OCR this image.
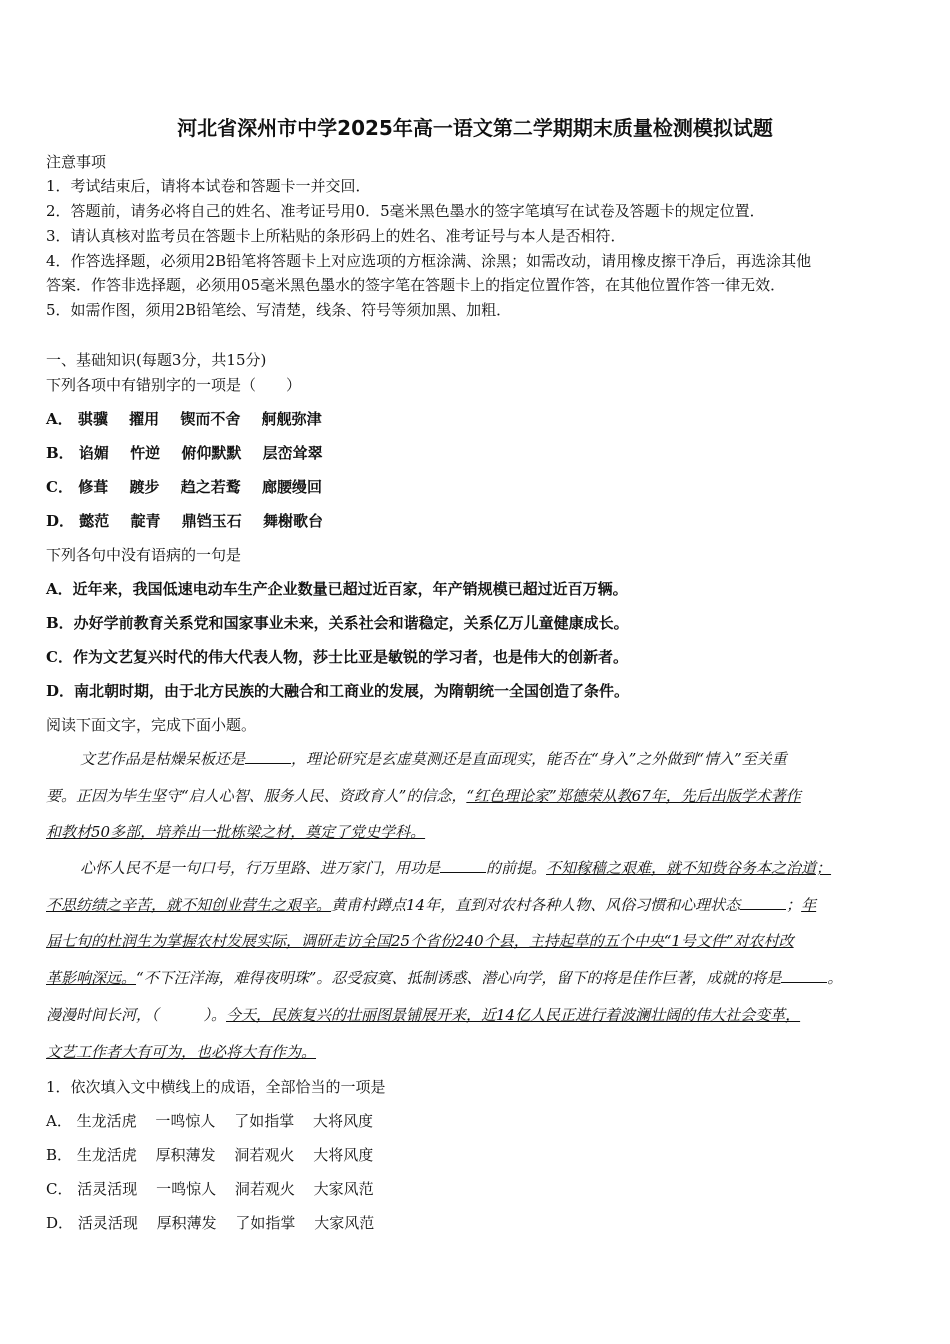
河北省深州市中学2025年高一语文第二学期期末质量检测模拟试题
注意事项
1．考试结束后，请将本试卷和答题卡一并交回．
2．答题前，请务必将自己的姓名、准考证号用0．5毫米黑色墨水的签字笔填写在试卷及答题卡的规定位置．
3．请认真核对监考员在答题卡上所粘贴的条形码上的姓名、准考证号与本人是否相符．
4．作答选择题，必须用2B铅笔将答题卡上对应选项的方框涂满、涂黑；如需改动，请用橡皮擦干净后，再选涂其他
答案．作答非选择题，必须用05毫米黑色墨水的签字笔在答题卡上的指定位置作答，在其他位置作答一律无效．
5．如需作图，须用2B铅笔绘、写清楚，线条、符号等须加黑、加粗．
一、基础知识(每题3分，共15分)
下列各项中有错别字的一项是（　　）
A． 骐骥 擢用 锲而不舍 舸舰弥津
B． 谄媚 忤逆 俯仰默默 层峦耸翠
C． 修葺 踱步 趋之若鹜 廊腰缦回
D． 懿范 靛青 鼎铛玉石 舞榭歌台
下列各句中没有语病的一句是
A．近年来，我国低速电动车生产企业数量已超过近百家，年产销规模已超过近百万辆。
B．办好学前教育关系党和国家事业未来，关系社会和谐稳定，关系亿万儿童健康成长。
C．作为文艺复兴时代的伟大代表人物，莎士比亚是敏锐的学习者，也是伟大的创新者。
D．南北朝时期，由于北方民族的大融合和工商业的发展，为隋朝统一全国创造了条件。
阅读下面文字，完成下面小题。
文艺作品是枯燥呆板还是	，理论研究是玄虚莫测还是直面现实，能否在“身入”之外做到“情入”至关重
要。正因为毕生坚守“启人心智、服务人民、资政育人”的信念，“红色理论家”郑德荣从教67年，先后出版学术著作
和教材50多部，培养出一批栋梁之材，奠定了党史学科。
心怀人民不是一句口号，行万里路、进万家门，用功是	的前提。不知稼穑之艰难，就不知赀谷务本之治道；
不思纺绩之辛苦，就不知创业营生之艰辛。黄甫村蹲点14年，直到对农村各种人物、风俗习惯和心理状态	；年
届七旬的杜润生为掌握农村发展实际，调研走访全国25个省份240个县，主持起草的五个中央“1号文件”对农村改
革影响深远。“不下汪洋海，难得夜明珠”。忍受寂寞、抵制诱惑、潜心向学，留下的将是佳作巨著，成就的将是	。
漫漫时间长河，（　　　）。今天，民族复兴的壮丽图景铺展开来，近14亿人民正进行着波澜壮阔的伟大社会变革，
文艺工作者大有可为，也必将大有作为。
1．依次填入文中横线上的成语，全部恰当的一项是
A． 生龙活虎 一鸣惊人 了如指掌 大将风度
B． 生龙活虎 厚积薄发 洞若观火 大将风度
C． 活灵活现 一鸣惊人 洞若观火 大家风范
D． 活灵活现 厚积薄发 了如指掌 大家风范
